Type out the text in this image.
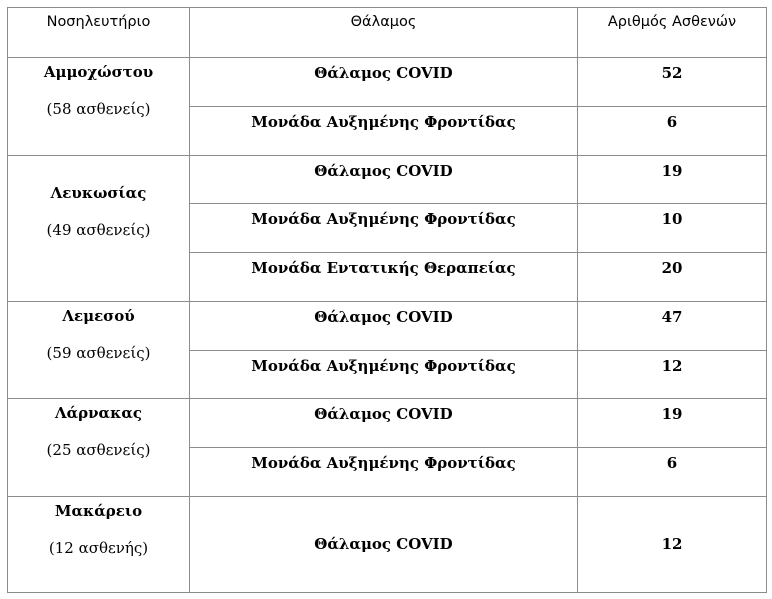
Νοσηλευτήριο	Θάλαμος	Αριθμός Ασθενών

Αμμοχώστου
(58 ασθενείς)	Θάλαμος COVID	52
	Μονάδα Αυξημένης Φροντίδας	6

Λευκωσίας
(49 ασθενείς)	Θάλαμος COVID	19
	Μονάδα Αυξημένης Φροντίδας	10
	Μονάδα Εντατικής Θεραπείας	20

Λεμεσού
(59 ασθενείς)	Θάλαμος COVID	47
	Μονάδα Αυξημένης Φροντίδας	12

Λάρνακας
(25 ασθενείς)	Θάλαμος COVID	19
	Μονάδα Αυξημένης Φροντίδας	6

Μακάρειο
(12 ασθενής)	Θάλαμος COVID	12
